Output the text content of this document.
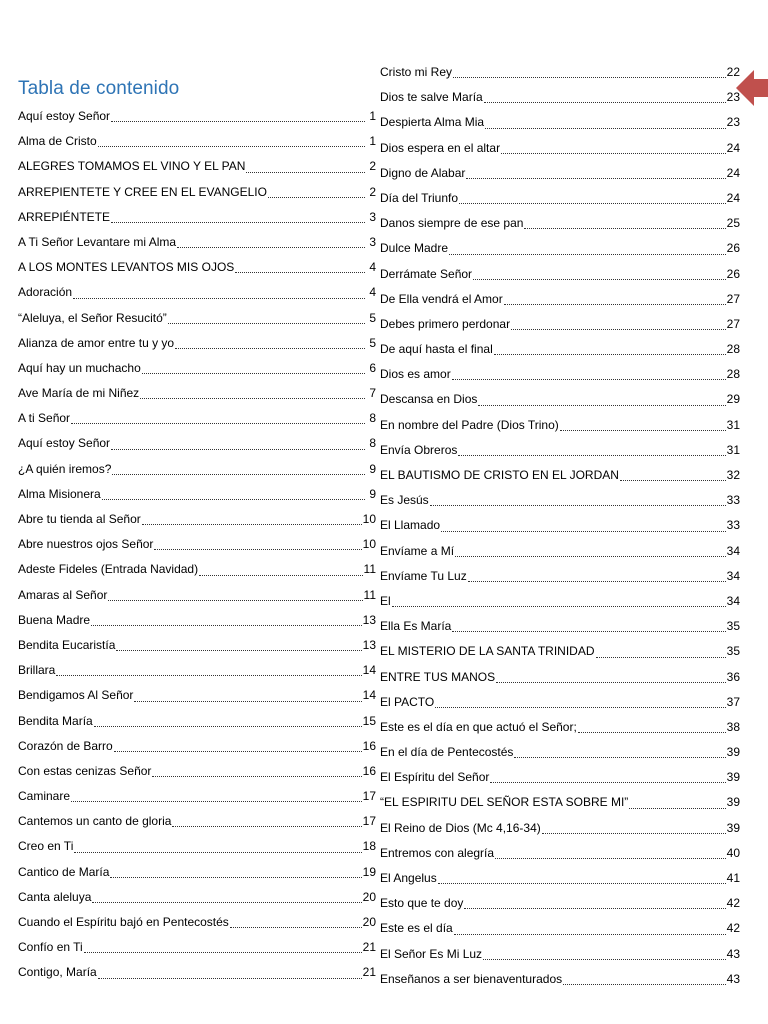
Tabla de contenido
Aquí estoy Señor	1
Alma de Cristo	1
ALEGRES TOMAMOS EL VINO Y EL PAN	2
ARREPIENTETE Y CREE EN EL EVANGELIO	2
ARREPIÉNTETE	3
A Ti Señor Levantare mi Alma	3
A LOS MONTES LEVANTOS MIS OJOS	4
Adoración	4
“Aleluya, el Señor Resucitó”	5
Alianza de amor entre tu y yo	5
Aquí hay un muchacho	6
Ave María de mi Niñez	7
A ti Señor	8
Aquí estoy Señor	8
¿A quién iremos?	9
Alma Misionera	9
Abre tu tienda al Señor	10
Abre nuestros ojos Señor	10
Adeste Fideles (Entrada Navidad)	11
Amaras al Señor	11
Buena Madre	13
Bendita Eucaristía	13
Brillara	14
Bendigamos Al Señor	14
Bendita María	15
Corazón de Barro	16
Con estas cenizas Señor	16
Caminare	17
Cantemos un canto de gloria	17
Creo en Ti	18
Cantico de María	19
Canta aleluya	20
Cuando el Espíritu bajó en Pentecostés	20
Confío en Ti	21
Contigo, María	21
Cristo mi Rey	22
Dios te salve María	23
Despierta Alma Mia	23
Dios espera en el altar	24
Digno de Alabar	24
Día del Triunfo	24
Danos siempre de ese pan	25
Dulce Madre	26
Derrámate Señor	26
De Ella vendrá el Amor	27
Debes primero perdonar	27
De aquí hasta el final	28
Dios es amor	28
Descansa en Dios	29
En nombre del Padre (Dios Trino)	31
Envía Obreros	31
EL BAUTISMO DE CRISTO EN EL JORDAN	32
Es Jesús	33
El Llamado	33
Envíame a Mí	34
Envíame Tu Luz	34
El	34
Ella Es María	35
EL MISTERIO DE LA SANTA TRINIDAD	35
ENTRE TUS MANOS	36
El PACTO	37
Este es el día en que actuó el Señor;	38
En el día de Pentecostés	39
El Espíritu del Señor	39
“EL ESPIRITU DEL SEÑOR ESTA SOBRE MI”	39
El Reino de Dios (Mc 4,16-34)	39
Entremos con alegría	40
El Angelus	41
Esto que te doy	42
Este es el día	42
El Señor Es Mi Luz	43
Enseñanos a ser bienaventurados	43
